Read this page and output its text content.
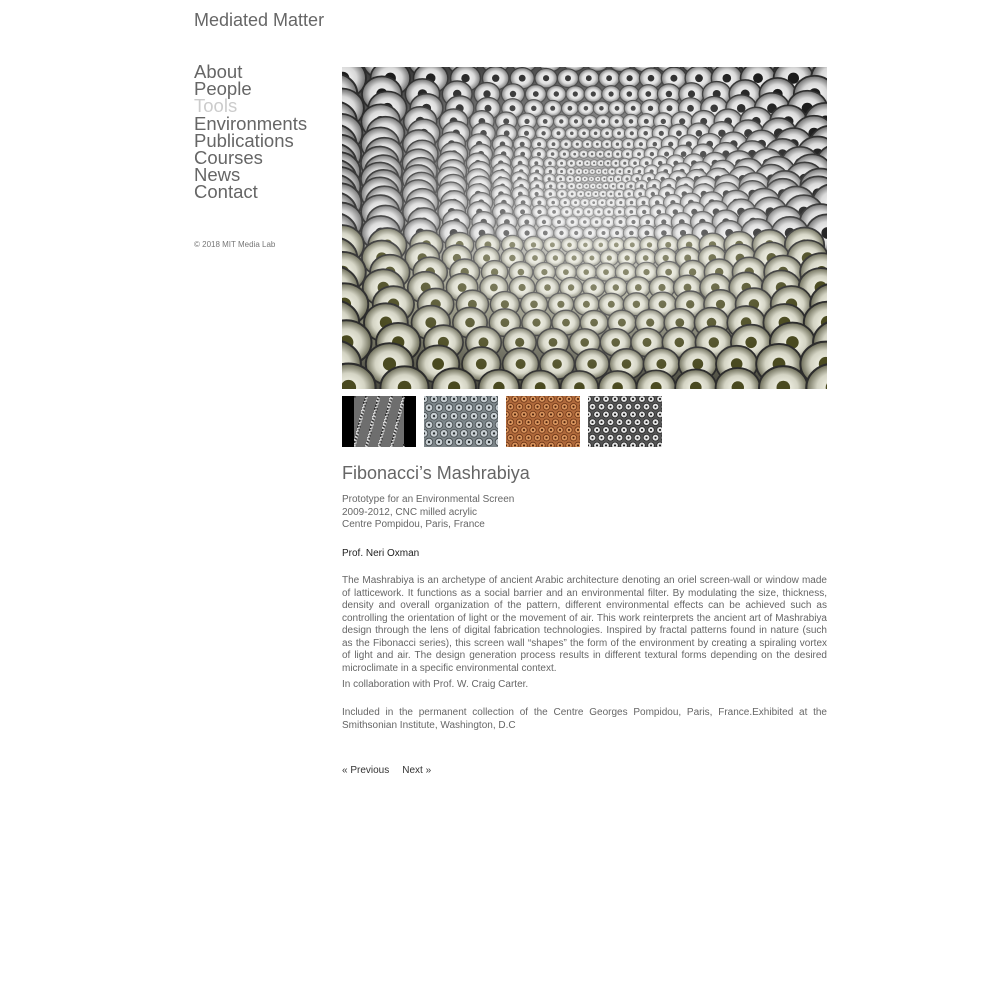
Mediated Matter
About
People
Tools
Environments
Publications
Courses
News
Contact
© 2018 MIT Media Lab
Fibonacci’s Mashrabiya
Prototype for an Environmental Screen
2009-2012, CNC milled acrylic
Centre Pompidou, Paris, France
Prof. Neri Oxman

The Mashrabiya is an archetype of ancient Arabic architecture denoting an oriel screen-wall or window made of latticework. It functions as a social barrier and an environmental filter. By modulating the size, thickness, density and overall organization of the pattern, different environmental effects can be achieved such as controlling the orientation of light or the movement of air. This work reinterprets the ancient art of Mashrabiya design through the lens of digital fabrication technologies. Inspired by fractal patterns found in nature (such as the Fibonacci series), this screen wall “shapes” the form of the environment by creating a spiraling vortex of light and air. The design generation process results in different textural forms depending on the desired microclimate in a specific environmental context.

In collaboration with Prof. W. Craig Carter.

Included in the permanent collection of the Centre Georges Pompidou, Paris, France.Exhibited at the Smithsonian Institute, Washington, D.C

« Previous Next »
